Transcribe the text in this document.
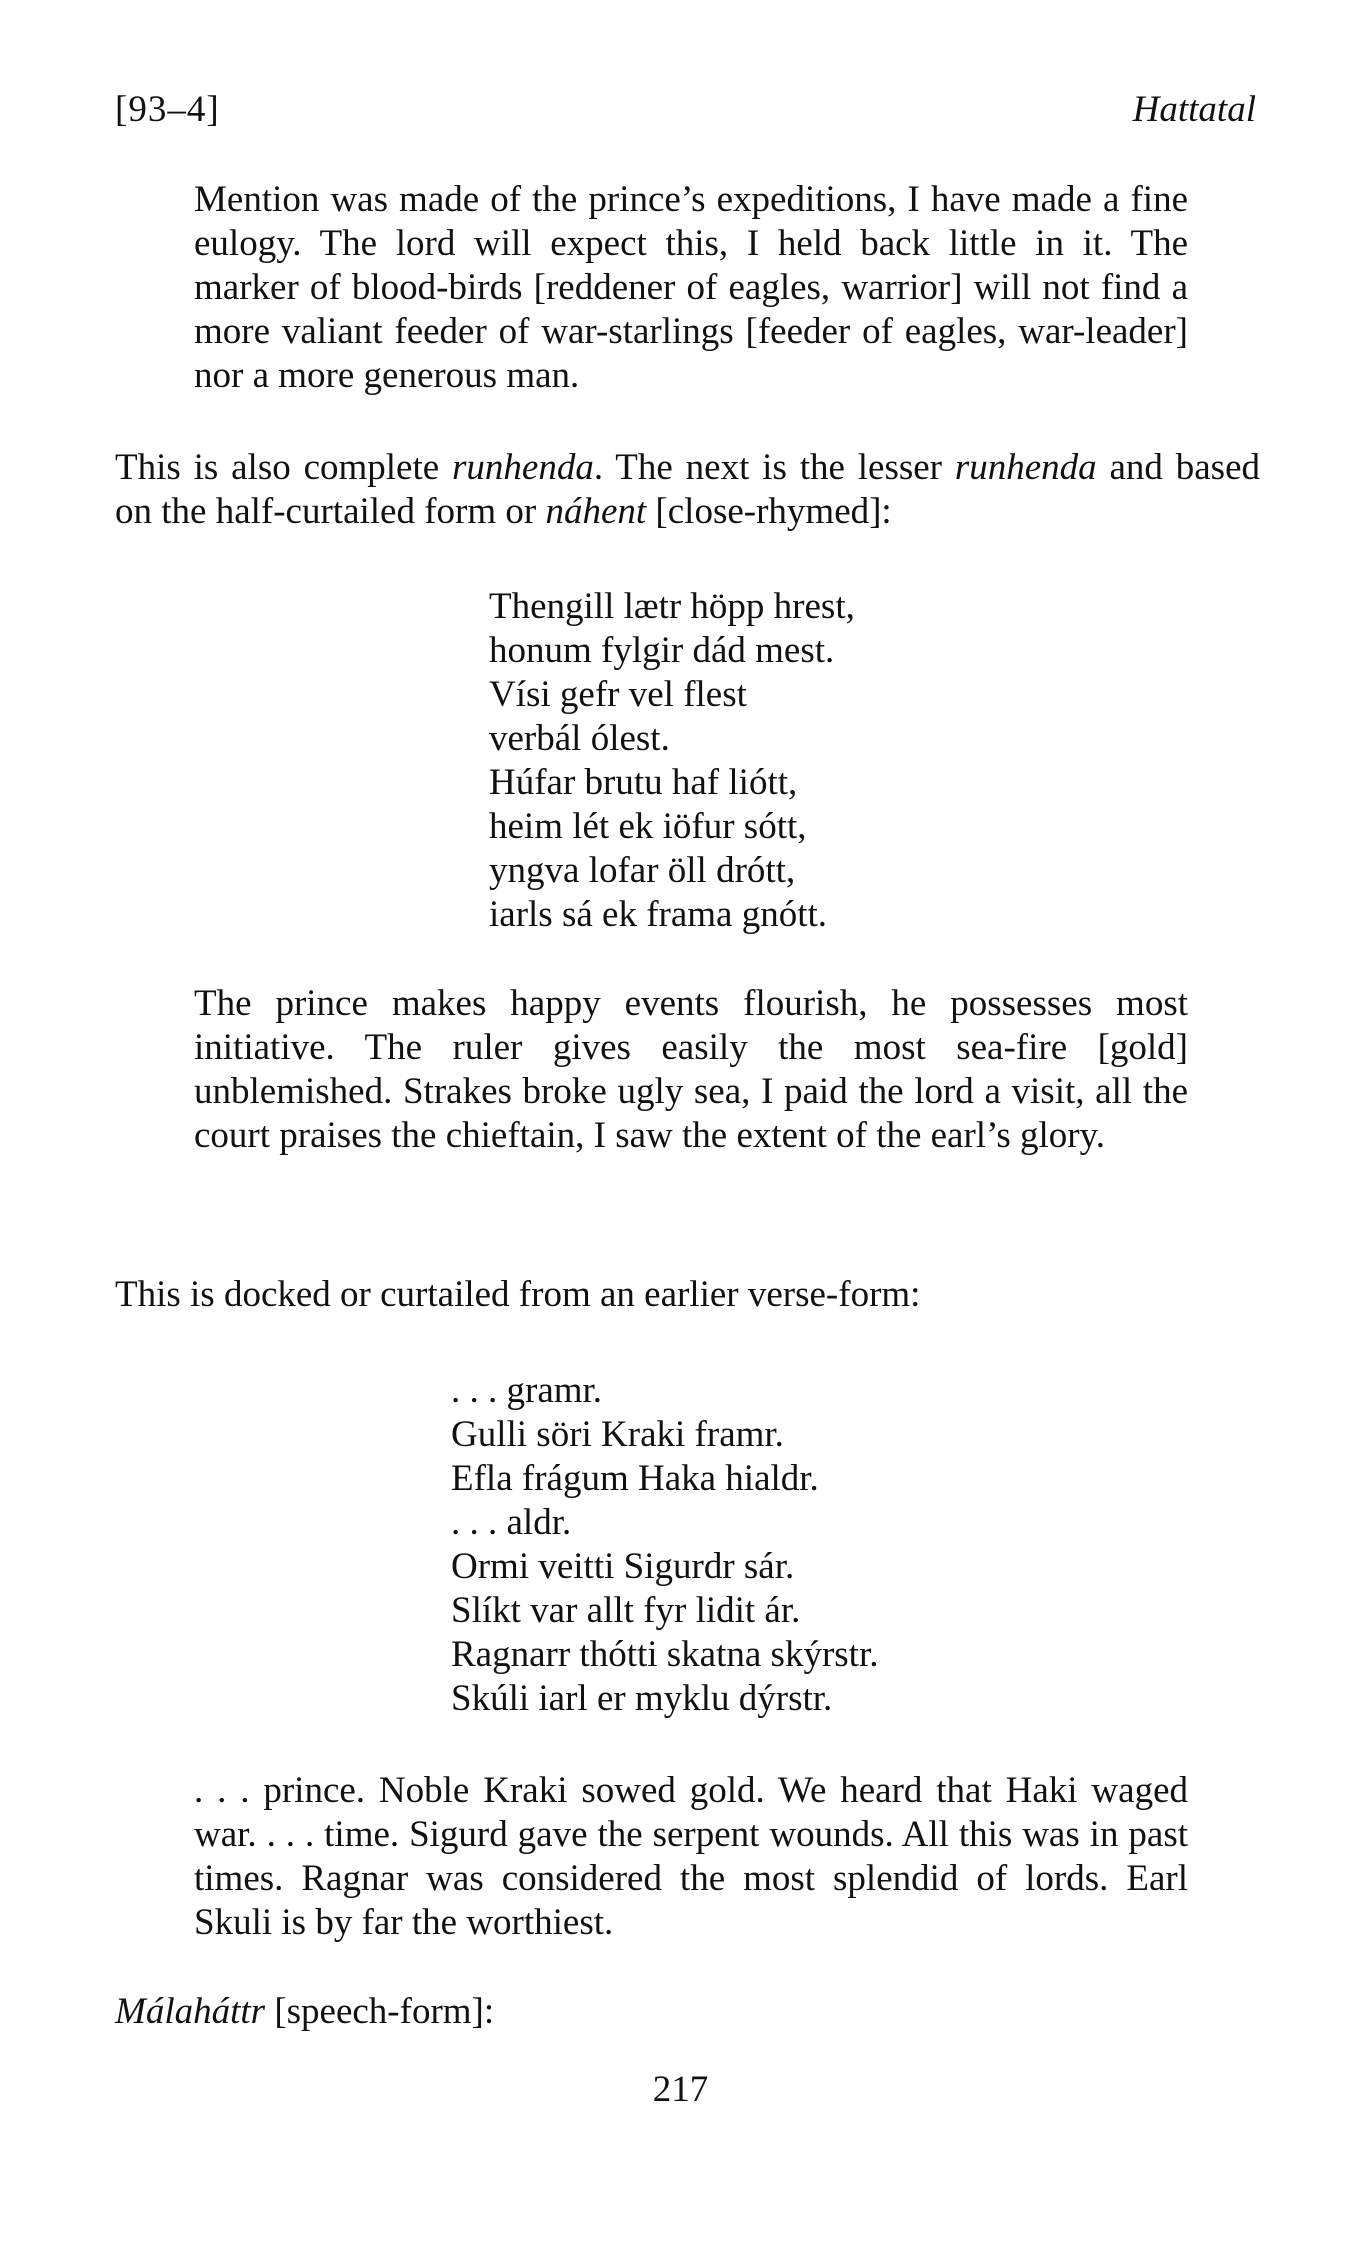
[93–4]	Hattatal

Mention was made of the prince’s expeditions, I have made a fine eulogy. The lord will expect this, I held back little in it. The marker of blood-birds [reddener of eagles, warrior] will not find a more valiant feeder of war-starlings [feeder of eagles, war-leader] nor a more generous man.

This is also complete runhenda. The next is the lesser runhenda and based on the half-curtailed form or náhent [close-rhymed]:

Thengill lætr höpp hrest,
honum fylgir dád mest.
Vísi gefr vel flest
verbál ólest.
Húfar brutu haf liótt,
heim lét ek iöfur sótt,
yngva lofar öll drótt,
iarls sá ek frama gnótt.

The prince makes happy events flourish, he possesses most initiative. The ruler gives easily the most sea-fire [gold] unblemished. Strakes broke ugly sea, I paid the lord a visit, all the court praises the chieftain, I saw the extent of the earl’s glory.

This is docked or curtailed from an earlier verse-form:

. . . gramr.
Gulli söri Kraki framr.
Efla frágum Haka hialdr.
. . . aldr.
Ormi veitti Sigurdr sár.
Slíkt var allt fyr lidit ár.
Ragnarr thótti skatna skýrstr.
Skúli iarl er myklu dýrstr.

. . . prince. Noble Kraki sowed gold. We heard that Haki waged war. . . . time. Sigurd gave the serpent wounds. All this was in past times. Ragnar was considered the most splendid of lords. Earl Skuli is by far the worthiest.

Málaháttr [speech-form]:

217
